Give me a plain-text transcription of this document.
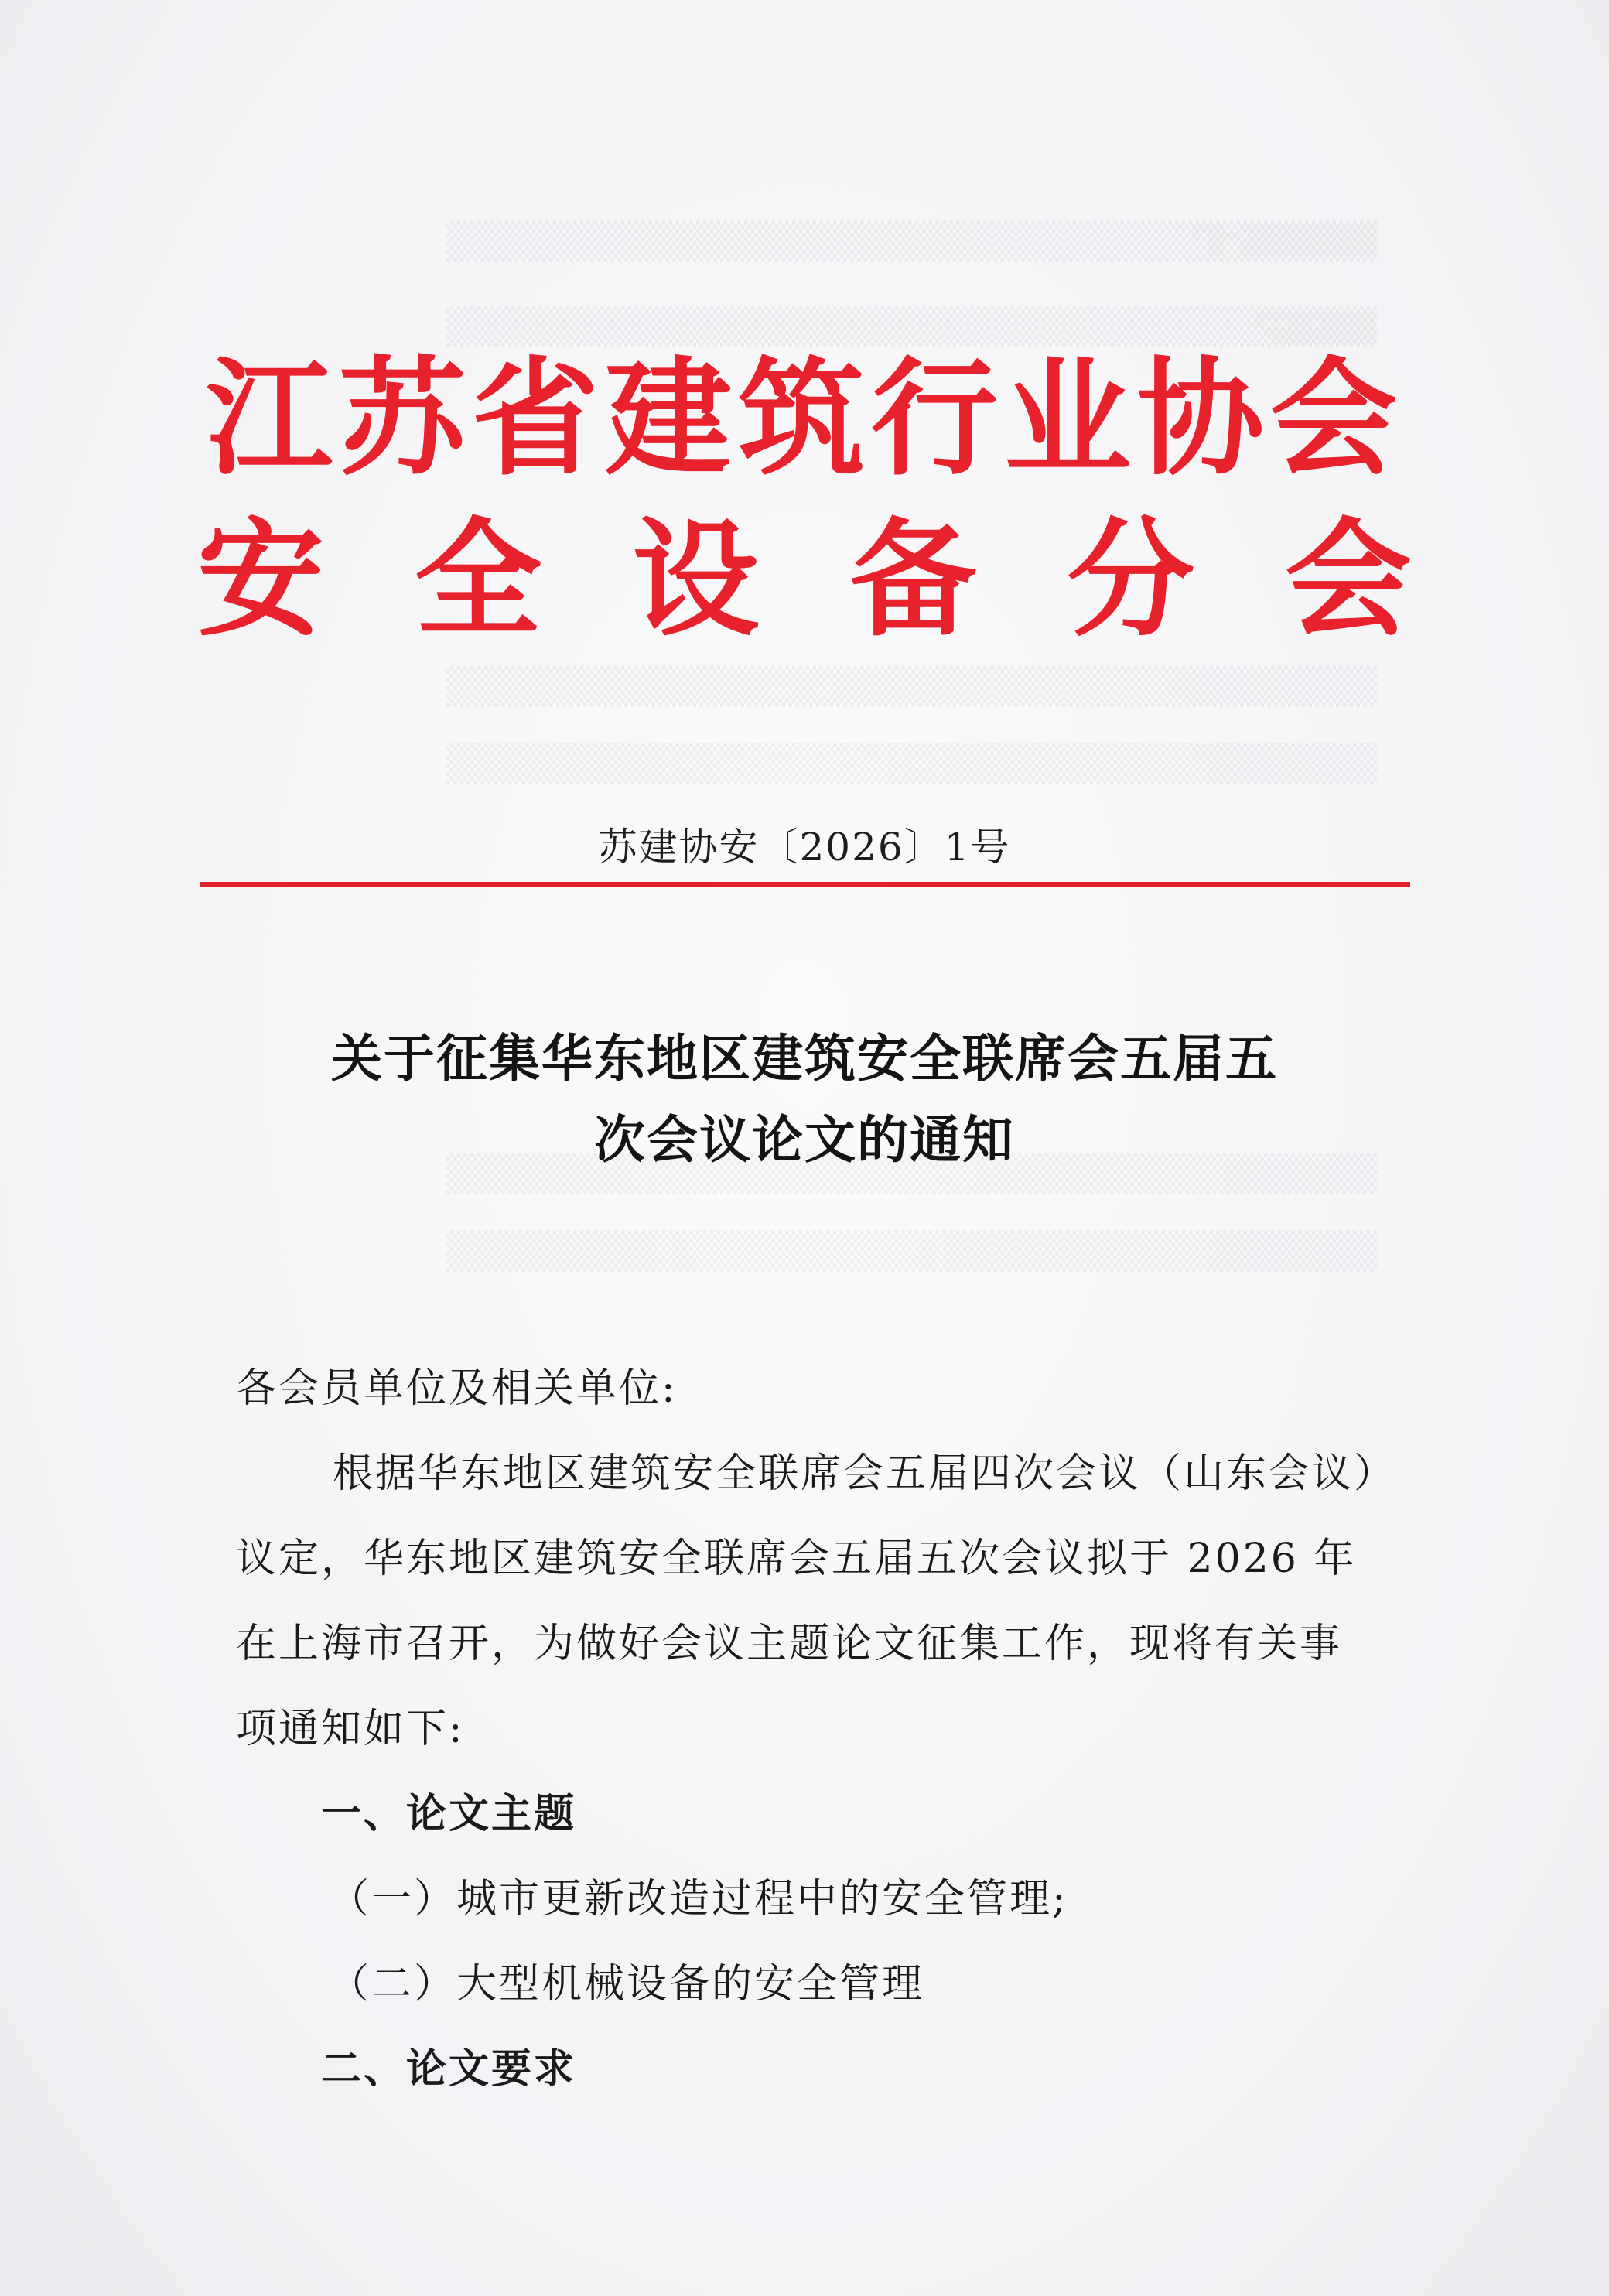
▒▒▒▒▒▒▒▒▒▒▒▒▒▒▒▒▒▒▒▒▒▒▒▒▒▒▒▒▒▒▒▒▒▒
▒▒▒▒▒▒▒▒▒▒▒▒▒▒▒▒▒▒▒▒▒▒▒▒▒▒▒▒▒▒▒▒▒▒
▒▒▒▒▒▒▒▒▒▒▒▒▒▒▒▒▒▒▒▒▒▒▒▒▒▒▒▒▒▒▒▒▒▒
▒▒▒▒▒▒▒▒▒▒▒▒▒▒▒▒▒▒▒▒▒▒▒▒▒▒▒▒▒▒▒▒▒▒
▒▒▒▒▒▒▒▒▒▒▒▒▒▒▒▒▒▒▒▒▒▒▒▒▒▒▒▒▒▒▒▒▒▒
▒▒▒▒▒▒▒▒▒▒▒▒▒▒▒▒▒▒▒▒▒▒▒▒▒▒▒▒▒▒▒▒▒▒
江苏省建筑行业协会
安 全 设 备 分 会
苏建协安〔2026〕1号
关于征集华东地区建筑安全联席会五届五
次会议论文的通知
各会员单位及相关单位:
根据华东地区建筑安全联席会五届四次会议（山东会议）
议定，华东地区建筑安全联席会五届五次会议拟于 2026 年
在上海市召开，为做好会议主题论文征集工作，现将有关事
项通知如下:
一、论文主题
（一）城市更新改造过程中的安全管理;
（二）大型机械设备的安全管理
二、论文要求
